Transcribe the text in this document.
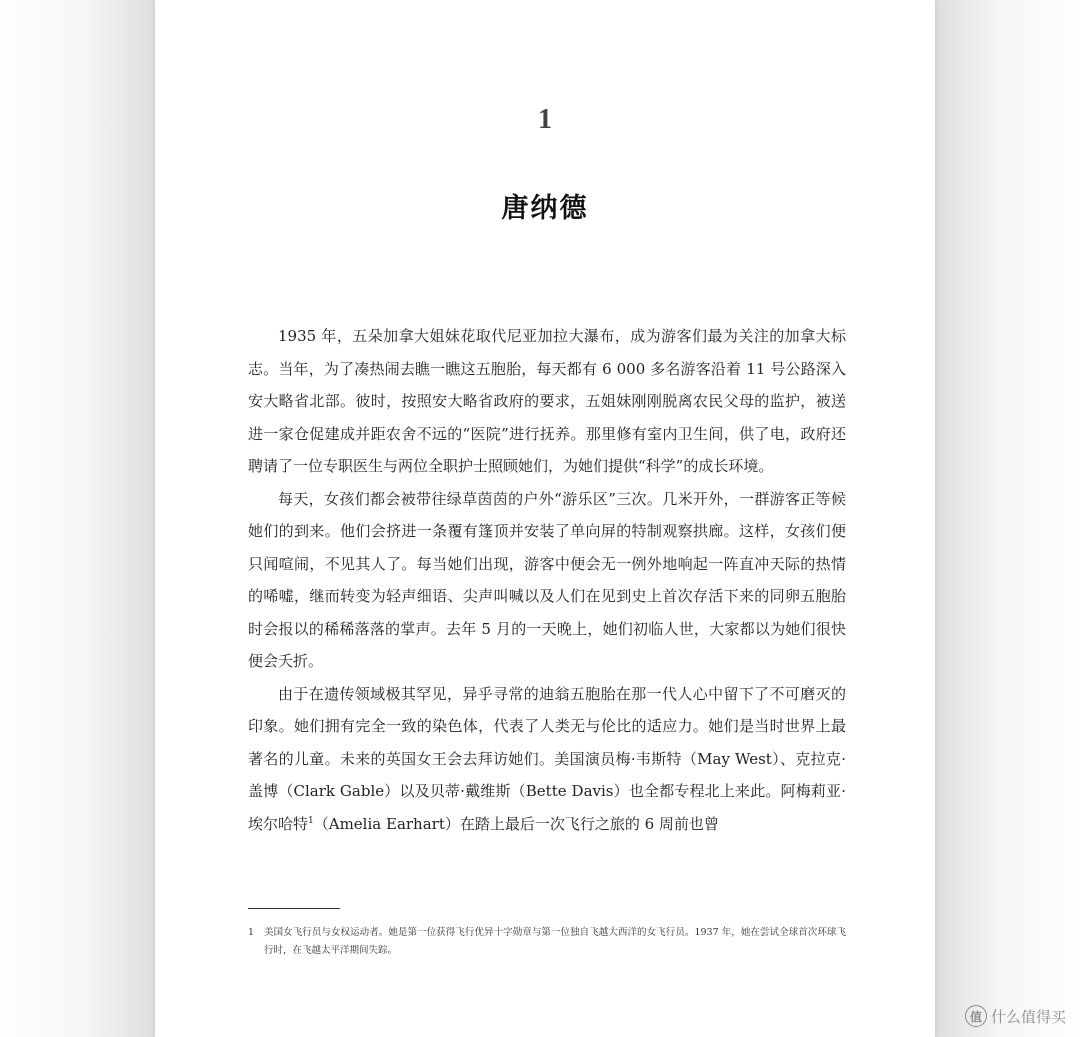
1
唐纳德

1935 年，五朵加拿大姐妹花取代尼亚加拉大瀑布，成为游客们最为关注的加拿大标志。当年，为了凑热闹去瞧一瞧这五胞胎，每天都有 6 000 多名游客沿着 11 号公路深入安大略省北部。彼时，按照安大略省政府的要求，五姐妹刚刚脱离农民父母的监护，被送进一家仓促建成并距农舍不远的“医院”进行抚养。那里修有室内卫生间，供了电，政府还聘请了一位专职医生与两位全职护士照顾她们，为她们提供“科学”的成长环境。

每天，女孩们都会被带往绿草茵茵的户外“游乐区”三次。几米开外，一群游客正等候她们的到来。他们会挤进一条覆有篷顶并安装了单向屏的特制观察拱廊。这样，女孩们便只闻喧闹，不见其人了。每当她们出现，游客中便会无一例外地响起一阵直冲天际的热情的唏嘘，继而转变为轻声细语、尖声叫喊以及人们在见到史上首次存活下来的同卵五胞胎时会报以的稀稀落落的掌声。去年 5 月的一天晚上，她们初临人世，大家都以为她们很快便会夭折。

由于在遗传领域极其罕见，异乎寻常的迪翁五胞胎在那一代人心中留下了不可磨灭的印象。她们拥有完全一致的染色体，代表了人类无与伦比的适应力。她们是当时世界上最著名的儿童。未来的英国女王会去拜访她们。美国演员梅·韦斯特（May West）、克拉克·盖博（Clark Gable）以及贝蒂·戴维斯（Bette Davis）也全都专程北上来此。阿梅莉亚·埃尔哈特$^1$（Amelia Earhart）在踏上最后一次飞行之旅的 6 周前也曾

1	美国女飞行员与女权运动者。她是第一位获得飞行优异十字勋章与第一位独自飞越大西洋的女飞行员。1937 年，她在尝试全球首次环球飞行时，在飞越太平洋期间失踪。
值 什么值得买
